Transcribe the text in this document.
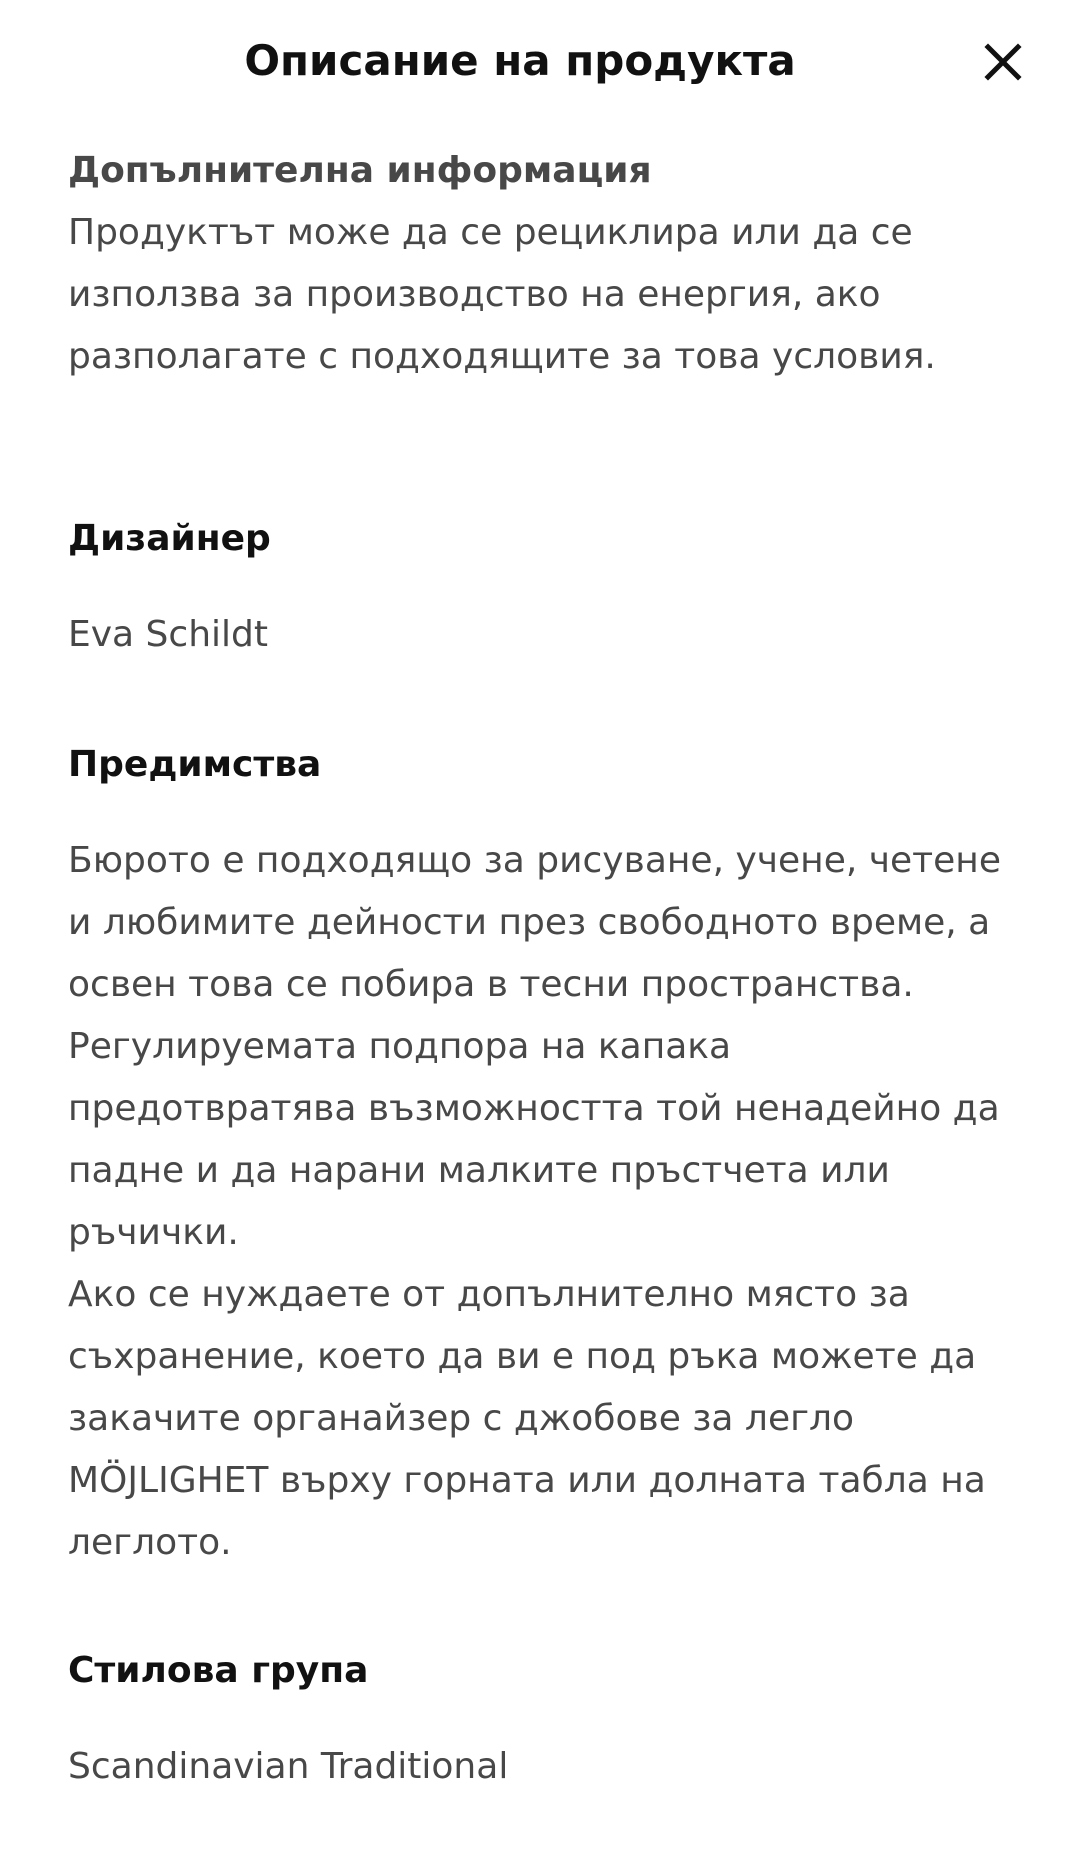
Описание на продукта
Допълнителна информация

Продуктът може да се рециклира или да се
използва за производство на енергия, ако
разполагате с подходящите за това условия.

Дизайнер

Eva Schildt

Предимства

Бюрото е подходящо за рисуване, учене, четене
и любимите дейности през свободното време, а
освен това се побира в тесни пространства.
Регулируемата подпора на капака
предотвратява възможността той ненадейно да
падне и да нарани малките пръстчета или
ръчички.
Ако се нуждаете от допълнително място за
съхранение, което да ви е под ръка можете да
закачите органайзер с джобове за легло
MÖJLIGHET върху горната или долната табла на
леглото.

Стилова група

Scandinavian Traditional
